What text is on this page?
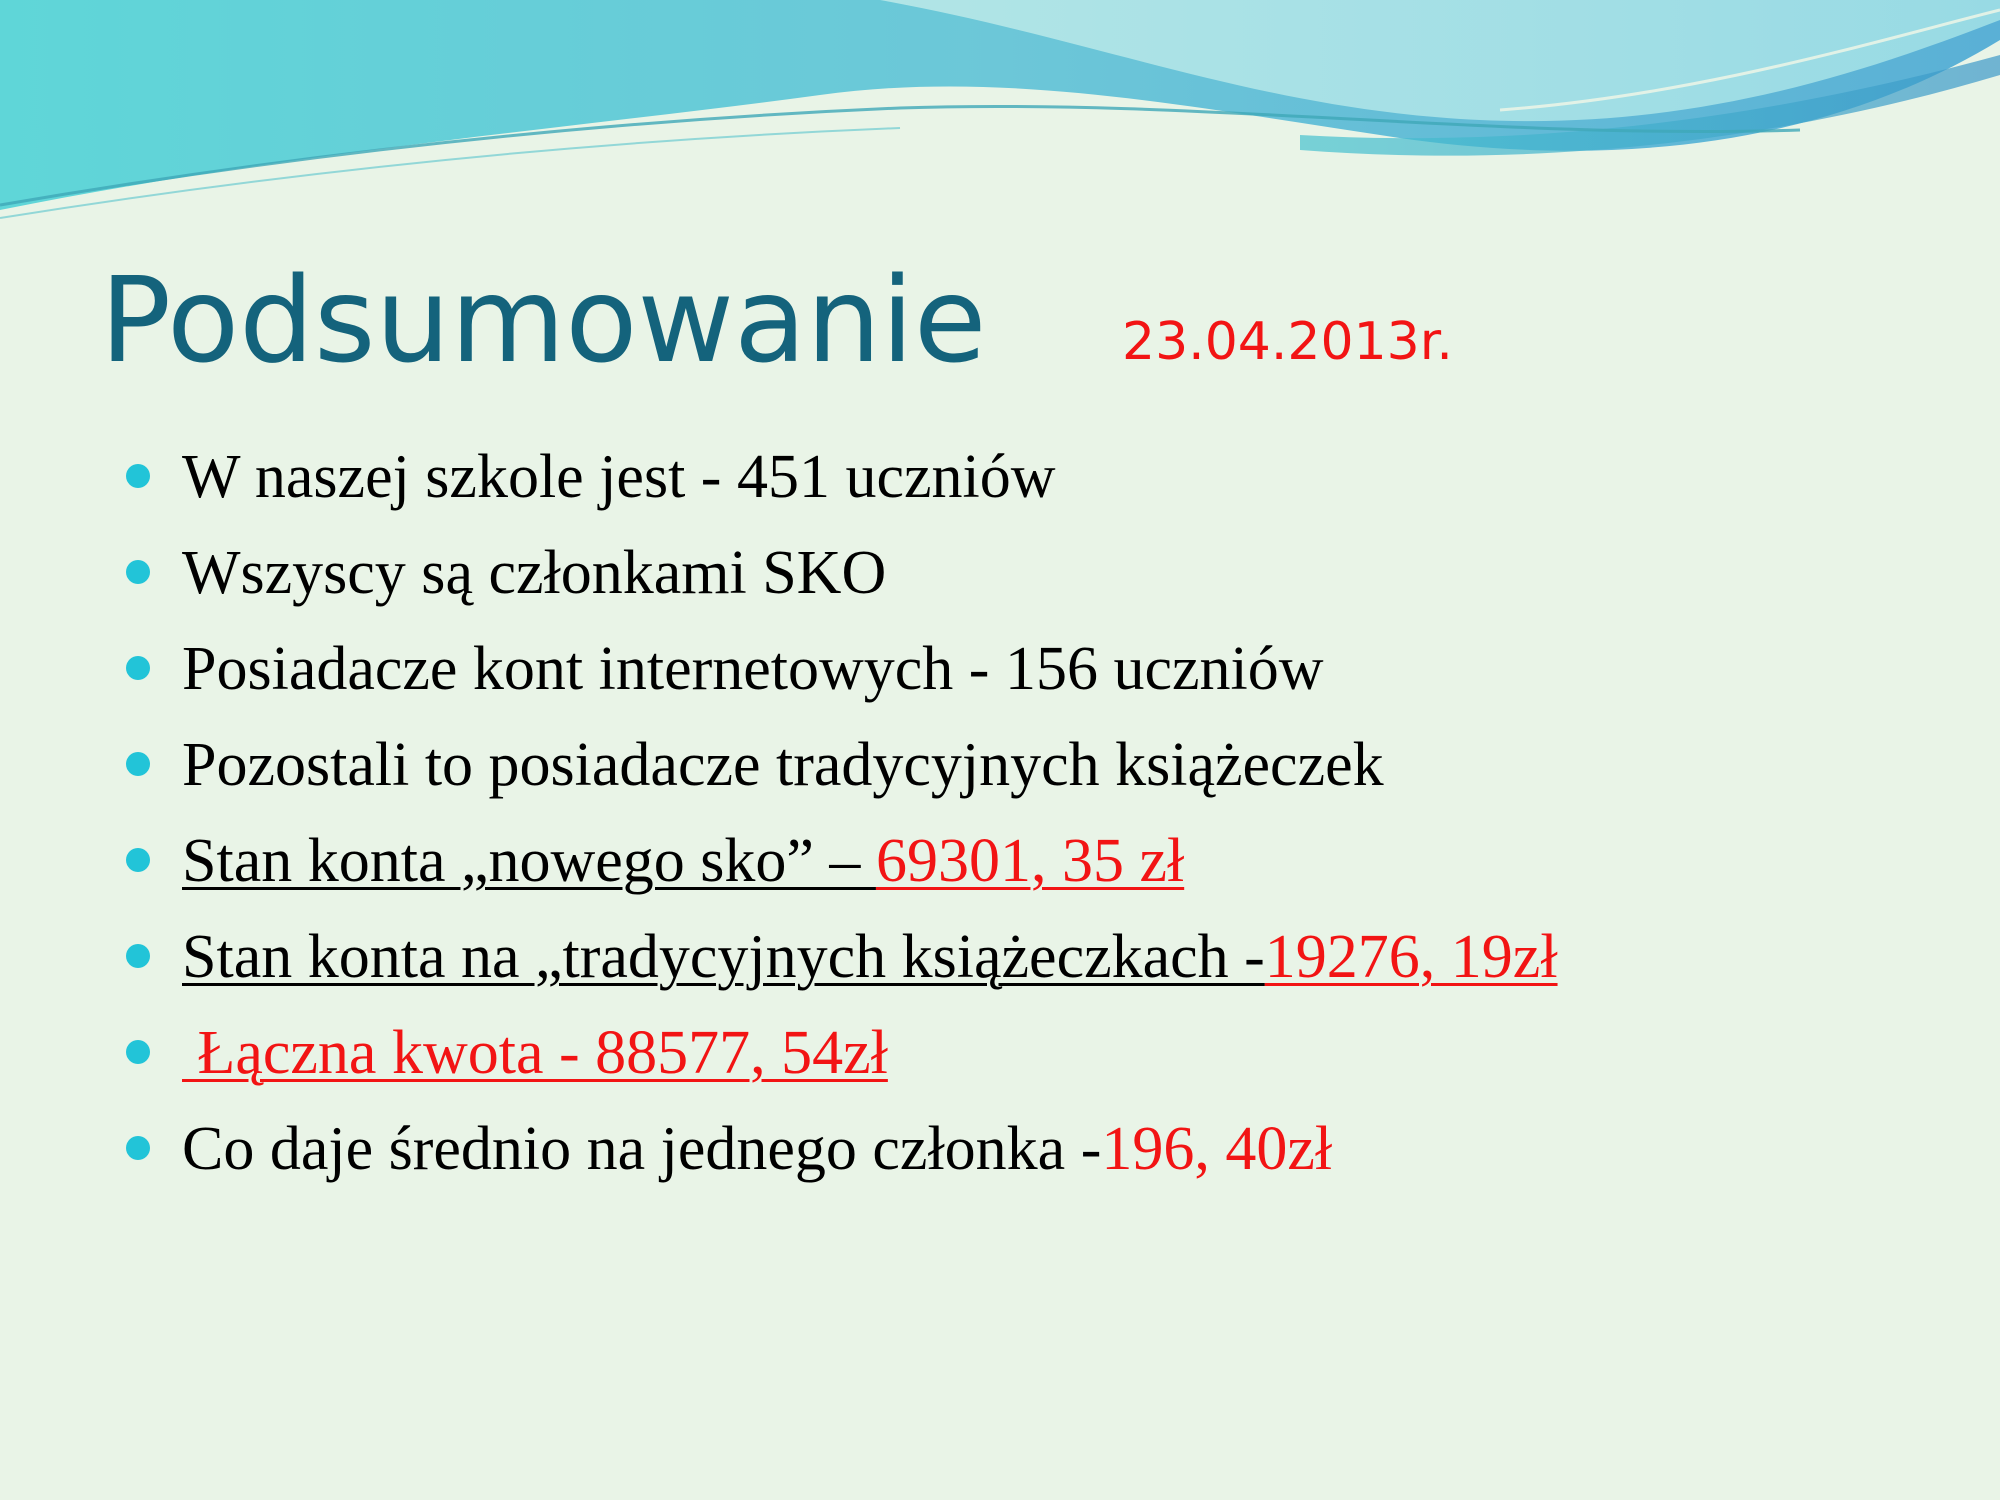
Podsumowanie	23.04.2013r.
W naszej szkole jest - 451 uczniów
Wszyscy są członkami SKO
Posiadacze kont internetowych - 156 uczniów
Pozostali to posiadacze tradycyjnych książeczek
Stan konta „nowego sko” – 69301, 35 zł
Stan konta na „tradycyjnych książeczkach -19276, 19zł
Łączna kwota - 88577, 54zł
Co daje średnio na jednego członka -196, 40zł
